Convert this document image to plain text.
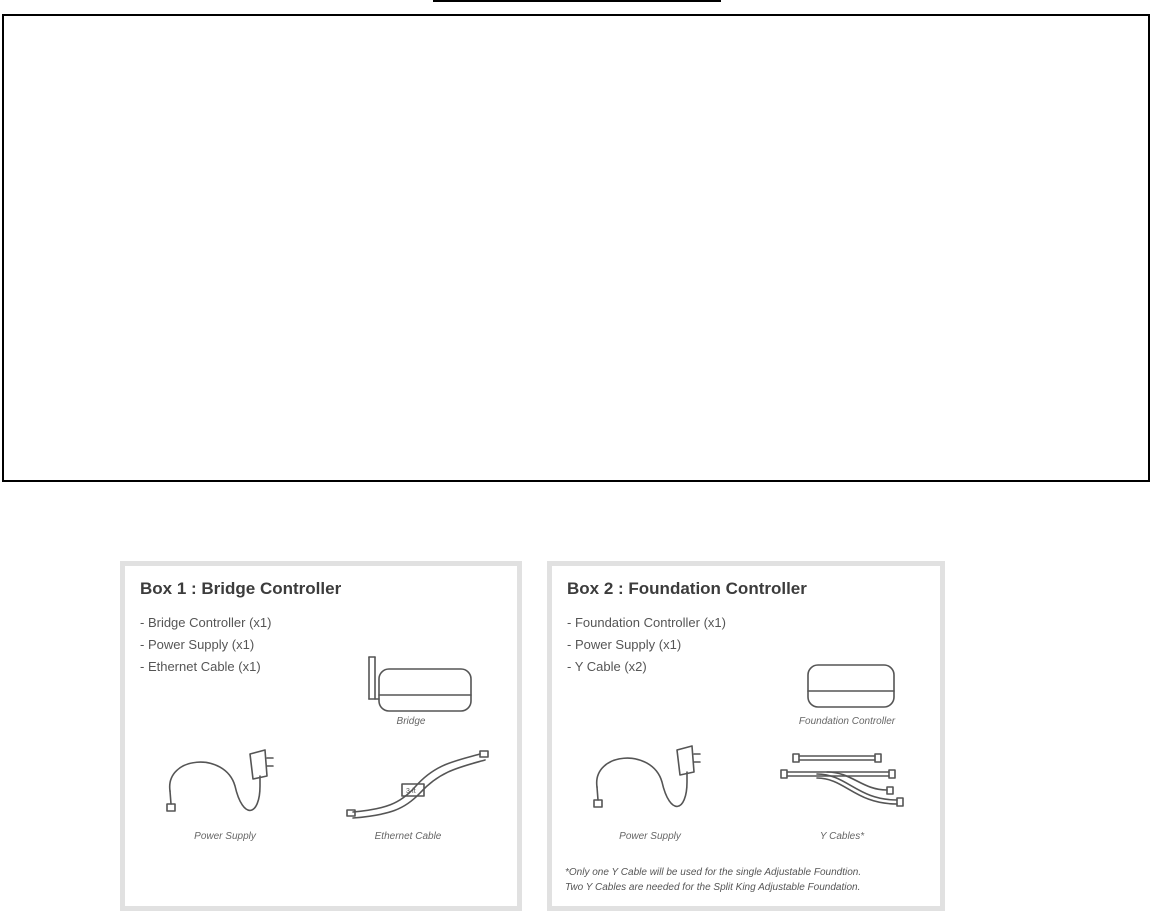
Box 1 : Bridge Controller
- Bridge Controller (x1)
- Power Supply (x1)
- Ethernet Cable (x1)
Bridge
Power Supply
3 ft
Ethernet Cable
Box 2 : Foundation Controller
- Foundation Controller (x1)
- Power Supply (x1)
- Y Cable (x2)
Foundation Controller
Power Supply	Y Cables*
*Only one Y Cable will be used for the single Adjustable Foundtion.
Two Y Cables are needed for the Split King Adjustable Foundation.
